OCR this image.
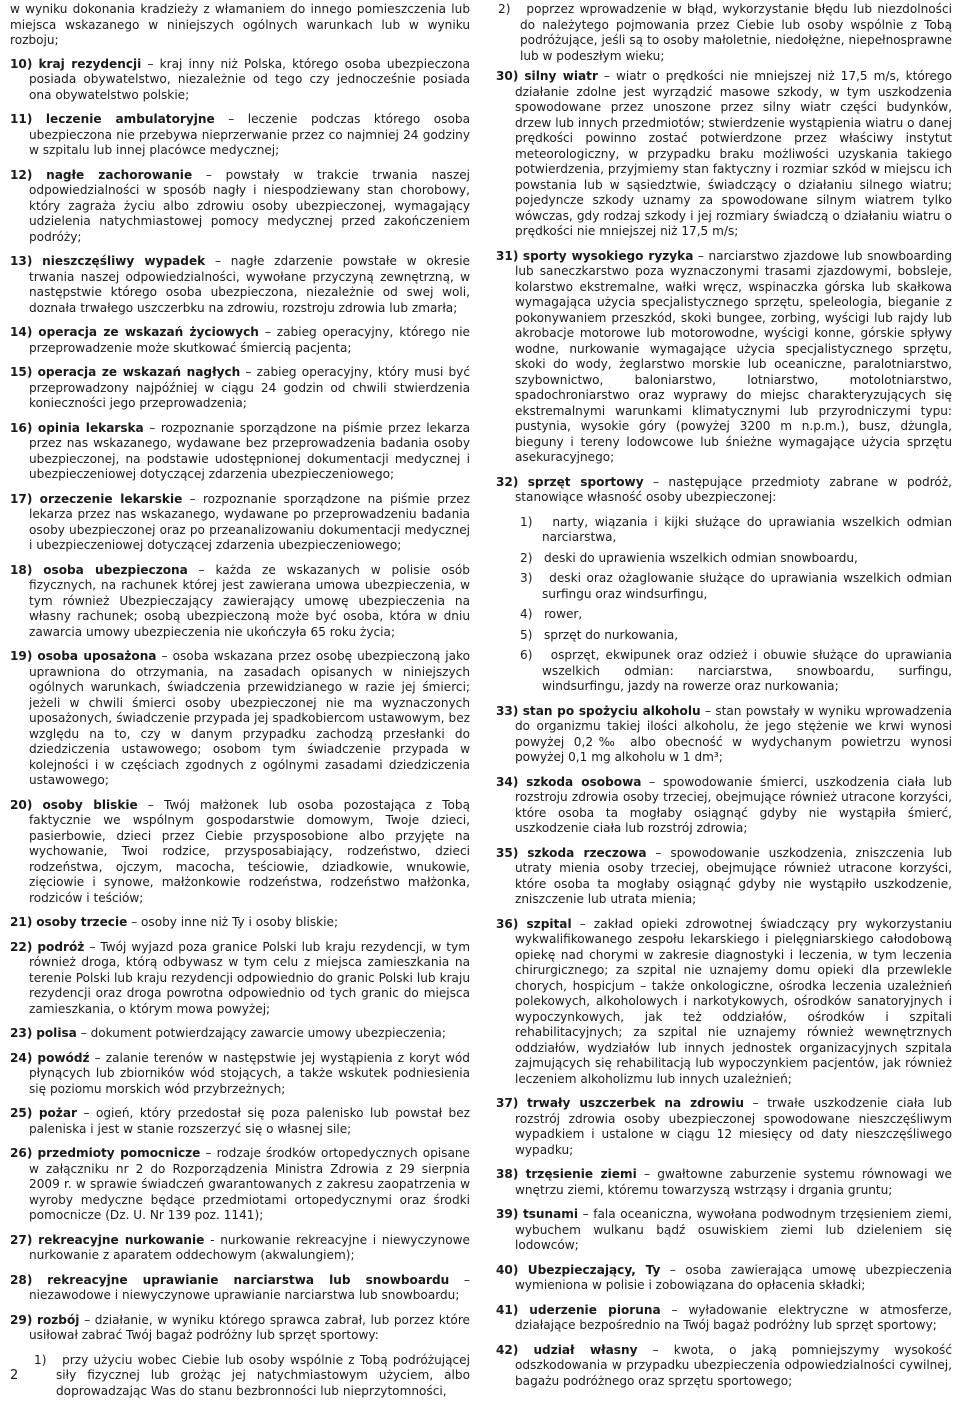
w wyniku dokonania kradzieży z włamaniem do innego pomieszczenia lub miejsca wskazanego w niniejszych ogólnych warunkach lub w wyniku rozboju;

10) kraj rezydencji – kraj inny niż Polska, którego osoba ubezpieczona posiada obywatelstwo, niezależnie od tego czy jednocześnie posiada ona obywatelstwo polskie;

11) leczenie ambulatoryjne – leczenie podczas którego osoba ubezpieczona nie przebywa nieprzerwanie przez co najmniej 24 godziny w szpitalu lub innej placówce medycznej;

12) nagłe zachorowanie – powstały w trakcie trwania naszej odpowiedzialności w sposób nagły i niespodziewany stan chorobowy, który zagraża życiu albo zdrowiu osoby ubezpieczonej, wymagający udzielenia natychmiastowej pomocy medycznej przed zakończeniem podróży;

13) nieszczęśliwy wypadek – nagłe zdarzenie powstałe w okresie trwania naszej odpowiedzialności, wywołane przyczyną zewnętrzną, w następstwie którego osoba ubezpieczona, niezależnie od swej woli, doznała trwałego uszczerbku na zdrowiu, rozstroju zdrowia lub zmarła;

14) operacja ze wskazań życiowych – zabieg operacyjny, którego nie przeprowadzenie może skutkować śmiercią pacjenta;

15) operacja ze wskazań nagłych – zabieg operacyjny, który musi być przeprowadzony najpóźniej w ciągu 24 godzin od chwili stwierdzenia konieczności jego przeprowadzenia;

16) opinia lekarska – rozpoznanie sporządzone na piśmie przez lekarza przez nas wskazanego, wydawane bez przeprowadzenia badania osoby ubezpieczonej, na podstawie udostępnionej dokumentacji medycznej i ubezpieczeniowej dotyczącej zdarzenia ubezpieczeniowego;

17) orzeczenie lekarskie – rozpoznanie sporządzone na piśmie przez lekarza przez nas wskazanego, wydawane po przeprowadzeniu badania osoby ubezpieczonej oraz po przeanalizowaniu dokumentacji medycznej i ubezpieczeniowej dotyczącej zdarzenia ubezpieczeniowego;

18) osoba ubezpieczona – każda ze wskazanych w polisie osób fizycznych, na rachunek której jest zawierana umowa ubezpieczenia, w tym również Ubezpieczający zawierający umowę ubezpieczenia na własny rachunek; osobą ubezpieczoną może być osoba, która w dniu zawarcia umowy ubezpieczenia nie ukończyła 65 roku życia;

19) osoba uposażona – osoba wskazana przez osobę ubezpieczoną jako uprawniona do otrzymania, na zasadach opisanych w niniejszych ogólnych warunkach, świadczenia przewidzianego w razie jej śmierci; jeżeli w chwili śmierci osoby ubezpieczonej nie ma wyznaczonych uposażonych, świadczenie przypada jej spadkobiercom ustawowym, bez względu na to, czy w danym przypadku zachodzą przesłanki do dziedziczenia ustawowego; osobom tym świadczenie przypada w kolejności i w częściach zgodnych z ogólnymi zasadami dziedziczenia ustawowego;

20) osoby bliskie – Twój małżonek lub osoba pozostająca z Tobą faktycznie we wspólnym gospodarstwie domowym, Twoje dzieci, pasierbowie, dzieci przez Ciebie przysposobione albo przyjęte na wychowanie, Twoi rodzice, przysposabiający, rodzeństwo, dzieci rodzeństwa, ojczym, macocha, teściowie, dziadkowie, wnukowie, zięciowie i synowe, małżonkowie rodzeństwa, rodzeństwo małżonka, rodziców i teściów;

21) osoby trzecie – osoby inne niż Ty i osoby bliskie;

22) podróż – Twój wyjazd poza granice Polski lub kraju rezydencji, w tym również droga, którą odbywasz w tym celu z miejsca zamieszkania na terenie Polski lub kraju rezydencji odpowiednio do granic Polski lub kraju rezydencji oraz droga powrotna odpowiednio od tych granic do miejsca zamieszkania, o którym mowa powyżej;

23) polisa – dokument potwierdzający zawarcie umowy ubezpieczenia;

24) powódź – zalanie terenów w następstwie jej wystąpienia z koryt wód płynących lub zbiorników wód stojących, a także wskutek podniesienia się poziomu morskich wód przybrzeżnych;

25) pożar – ogień, który przedostał się poza palenisko lub powstał bez paleniska i jest w stanie rozszerzyć się o własnej sile;

26) przedmioty pomocnicze – rodzaje środków ortopedycznych opisane w załączniku nr 2 do Rozporządzenia Ministra Zdrowia z 29 sierpnia 2009 r. w sprawie świadczeń gwarantowanych z zakresu zaopatrzenia w wyroby medyczne będące przedmiotami ortopedycznymi oraz środki pomocnicze (Dz. U. Nr 139 poz. 1141);

27) rekreacyjne nurkowanie - nurkowanie rekreacyjne i niewyczynowe nurkowanie z aparatem oddechowym (akwalungiem);

28) rekreacyjne uprawianie narciarstwa lub snowboardu – niezawodowe i niewyczynowe uprawianie narciarstwa lub snowboardu;

29) rozbój – działanie, w wyniku którego sprawca zabrał, lub porzez które usiłował zabrać Twój bagaż podróżny lub sprzęt sportowy:

1) przy użyciu wobec Ciebie lub osoby wspólnie z Tobą podróżującej siły fizycznej lub grożąc jej natychmiastowym użyciem, albo doprowadzając Was do stanu bezbronności lub nieprzytomności,

2) poprzez wprowadzenie w błąd, wykorzystanie błędu lub niezdolności do należytego pojmowania przez Ciebie lub osoby wspólnie z Tobą podróżujące, jeśli są to osoby małoletnie, niedołężne, niepełnosprawne lub w podeszłym wieku;

30) silny wiatr – wiatr o prędkości nie mniejszej niż 17,5 m/s, którego działanie zdolne jest wyrządzić masowe szkody, w tym uszkodzenia spowodowane przez unoszone przez silny wiatr części budynków, drzew lub innych przedmiotów; stwierdzenie wystąpienia wiatru o danej prędkości powinno zostać potwierdzone przez właściwy instytut meteorologiczny, w przypadku braku możliwości uzyskania takiego potwierdzenia, przyjmiemy stan faktyczny i rozmiar szkód w miejscu ich powstania lub w sąsiedztwie, świadczący o działaniu silnego wiatru; pojedyncze szkody uznamy za spowodowane silnym wiatrem tylko wówczas, gdy rodzaj szkody i jej rozmiary świadczą o działaniu wiatru o prędkości nie mniejszej niż 17,5 m/s;

31) sporty wysokiego ryzyka – narciarstwo zjazdowe lub snowboarding lub saneczkarstwo poza wyznaczonymi trasami zjazdowymi, bobsleje, kolarstwo ekstremalne, wałki wręcz, wspinaczka górska lub skałkowa wymagająca użycia specjalistycznego sprzętu, speleologia, bieganie z pokonywaniem przeszkód, skoki bungee, zorbing, wyścigi lub rajdy lub akrobacje motorowe lub motorowodne, wyścigi konne, górskie spływy wodne, nurkowanie wymagające użycia specjalistycznego sprzętu, skoki do wody, żeglarstwo morskie lub oceaniczne, paralotniarstwo, szybownictwo, baloniarstwo, lotniarstwo, motolotniarstwo, spadochroniarstwo oraz wyprawy do miejsc charakteryzujących się ekstremalnymi warunkami klimatycznymi lub przyrodniczymi typu: pustynia, wysokie góry (powyżej 3200 m n.p.m.), busz, dżungla, bieguny i tereny lodowcowe lub śnieżne wymagające użycia sprzętu asekuracyjnego;

32) sprzęt sportowy – następujące przedmioty zabrane w podróż, stanowiące własność osoby ubezpieczonej:

1) narty, wiązania i kijki służące do uprawiania wszelkich odmian narciarstwa,

2) deski do uprawienia wszelkich odmian snowboardu,

3) deski oraz ożaglowanie służące do uprawiania wszelkich odmian surfingu oraz windsurfingu,

4) rower,

5) sprzęt do nurkowania,

6) osprzęt, ekwipunek oraz odzież i obuwie służące do uprawiania wszelkich odmian: narciarstwa, snowboardu, surfingu, windsurfingu, jazdy na rowerze oraz nurkowania;

33) stan po spożyciu alkoholu – stan powstały w wyniku wprowadzenia do organizmu takiej ilości alkoholu, że jego stężenie we krwi wynosi powyżej 0,2‰ albo obecność w wydychanym powietrzu wynosi powyżej 0,1 mg alkoholu w 1 dm³;

34) szkoda osobowa – spowodowanie śmierci, uszkodzenia ciała lub rozstroju zdrowia osoby trzeciej, obejmujące również utracone korzyści, które osoba ta mogłaby osiągnąć gdyby nie wystąpiła śmierć, uszkodzenie ciała lub rozstrój zdrowia;

35) szkoda rzeczowa – spowodowanie uszkodzenia, zniszczenia lub utraty mienia osoby trzeciej, obejmujące również utracone korzyści, które osoba ta mogłaby osiągnąć gdyby nie wystąpiło uszkodzenie, zniszczenie lub utrata mienia;

36) szpital – zakład opieki zdrowotnej świadczący pry wykorzystaniu wykwalifikowanego zespołu lekarskiego i pielęgniarskiego całodobową opiekę nad chorymi w zakresie diagnostyki i leczenia, w tym leczenia chirurgicznego; za szpital nie uznajemy domu opieki dla przewlekle chorych, hospicjum – także onkologiczne, ośrodka leczenia uzależnień polekowych, alkoholowych i narkotykowych, ośrodków sanatoryjnych i wypoczynkowych, jak też oddziałów, ośrodków i szpitali rehabilitacyjnych; za szpital nie uznajemy również wewnętrznych oddziałów, wydziałów lub innych jednostek organizacyjnych szpitala zajmujących się rehabilitacją lub wypoczynkiem pacjentów, jak również leczeniem alkoholizmu lub innych uzależnień;

37) trwały uszczerbek na zdrowiu – trwałe uszkodzenie ciała lub rozstrój zdrowia osoby ubezpieczonej spowodowane nieszczęśliwym wypadkiem i ustalone w ciągu 12 miesięcy od daty nieszczęśliwego wypadku;

38) trzęsienie ziemi – gwałtowne zaburzenie systemu równowagi we wnętrzu ziemi, któremu towarzyszą wstrząsy i drgania gruntu;

39) tsunami – fala oceaniczna, wywołana podwodnym trzęsieniem ziemi, wybuchem wulkanu bądź osuwiskiem ziemi lub dzieleniem się lodowców;

40) Ubezpieczający, Ty – osoba zawierająca umowę ubezpieczenia wymieniona w polisie i zobowiązana do opłacenia składki;

41) uderzenie pioruna – wyładowanie elektryczne w atmosferze, działające bezpośrednio na Twój bagaż podróżny lub sprzęt sportowy;

42) udział własny – kwota, o jaką pomniejszymy wysokość odszkodowania w przypadku ubezpieczenia odpowiedzialności cywilnej, bagażu podróżnego oraz sprzętu sportowego;

2
